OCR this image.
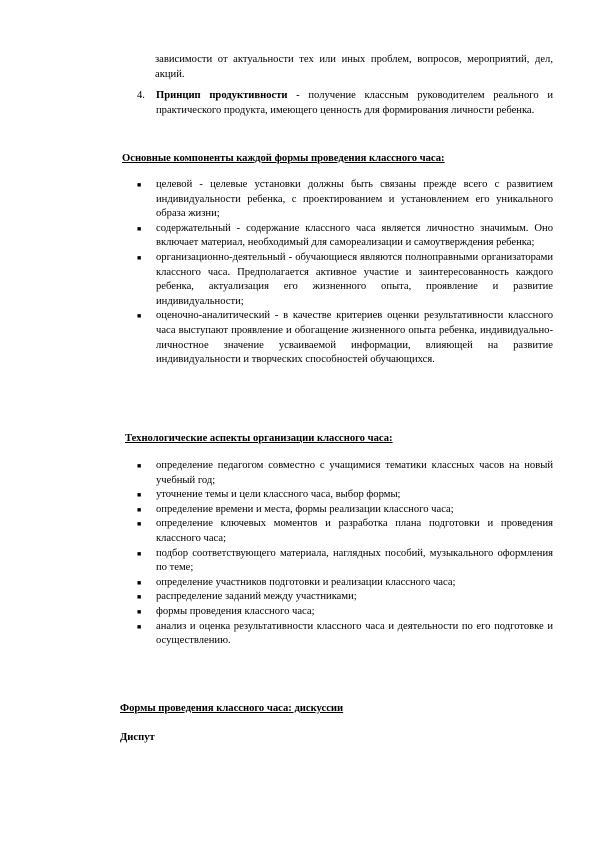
зависимости от актуальности тех или иных проблем, вопросов, мероприятий, дел, акций.
4.	Принцип продуктивности - получение классным руководителем реального и практического продукта, имеющего ценность для формирования личности ребенка.
Основные компоненты каждой формы проведения классного часа:
■	целевой - целевые установки должны быть связаны прежде всего с развитием индивидуальности ребенка, с проектированием и установлением его уникального образа жизни;
■	содержательный - содержание классного часа является личностно значимым. Оно включает материал, необходимый для самореализации и самоутверждения ребенка;
■	организационно-деятельный - обучающиеся являются полноправными организаторами классного часа. Предполагается активное участие и заинтересованность каждого ребенка, актуализация его жизненного опыта, проявление и развитие индивидуальности;
■	оценочно-аналитический - в качестве критериев оценки результативности классного часа выступают проявление и обогащение жизненного опыта ребенка, индивидуально-личностное значение усваиваемой информации, влияющей на развитие индивидуальности и творческих способностей обучающихся.
Технологические аспекты организации классного часа:
■	определение педагогом совместно с учащимися тематики классных часов на новый учебный год;
■	уточнение темы и цели классного часа, выбор формы;
■	определение времени и места, формы реализации классного часа;
■	определение ключевых моментов и разработка плана подготовки и проведения классного часа;
■	подбор соответствующего материала, наглядных пособий, музыкального оформления по теме;
■	определение участников подготовки и реализации классного часа;
■	распределение заданий между участниками;
■	формы проведения классного часа;
■	анализ и оценка результативности классного часа и деятельности по его подготовке и осуществлению.
Формы проведения классного часа: дискуссии
Диспут
